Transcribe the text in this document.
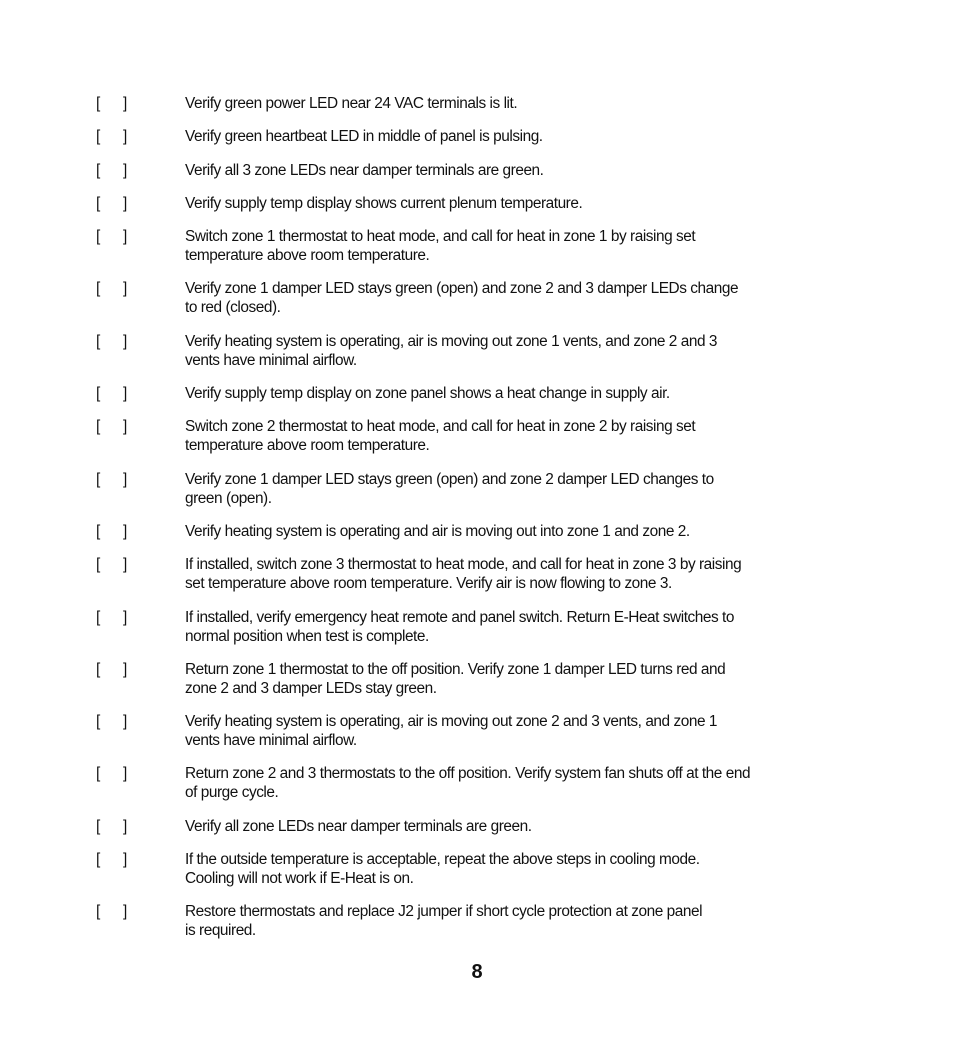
[ ]	Verify green power LED near 24 VAC terminals is lit.
[ ]	Verify green heartbeat LED in middle of panel is pulsing.
[ ]	Verify all 3 zone LEDs near damper terminals are green.
[ ]	Verify supply temp display shows current plenum temperature.
[ ]	Switch zone 1 thermostat to heat mode, and call for heat in zone 1 by raising set
temperature above room temperature.
[ ]	Verify zone 1 damper LED stays green (open) and zone 2 and 3 damper LEDs change
to red (closed).
[ ]	Verify heating system is operating, air is moving out zone 1 vents, and zone 2 and 3
vents have minimal airflow.
[ ]	Verify supply temp display on zone panel shows a heat change in supply air.
[ ]	Switch zone 2 thermostat to heat mode, and call for heat in zone 2 by raising set
temperature above room temperature.
[ ]	Verify zone 1 damper LED stays green (open) and zone 2 damper LED changes to
green (open).
[ ]	Verify heating system is operating and air is moving out into zone 1 and zone 2.
[ ]	If installed, switch zone 3 thermostat to heat mode, and call for heat in zone 3 by raising
set temperature above room temperature. Verify air is now flowing to zone 3.
[ ]	If installed, verify emergency heat remote and panel switch. Return E-Heat switches to
normal position when test is complete.
[ ]	Return zone 1 thermostat to the off position. Verify zone 1 damper LED turns red and
zone 2 and 3 damper LEDs stay green.
[ ]	Verify heating system is operating, air is moving out zone 2 and 3 vents, and zone 1
vents have minimal airflow.
[ ]	Return zone 2 and 3 thermostats to the off position. Verify system fan shuts off at the end
of purge cycle.
[ ]	Verify all zone LEDs near damper terminals are green.
[ ]	If the outside temperature is acceptable, repeat the above steps in cooling mode.
Cooling will not work if E-Heat is on.
[ ]	Restore thermostats and replace J2 jumper if short cycle protection at zone panel
is required.
8
